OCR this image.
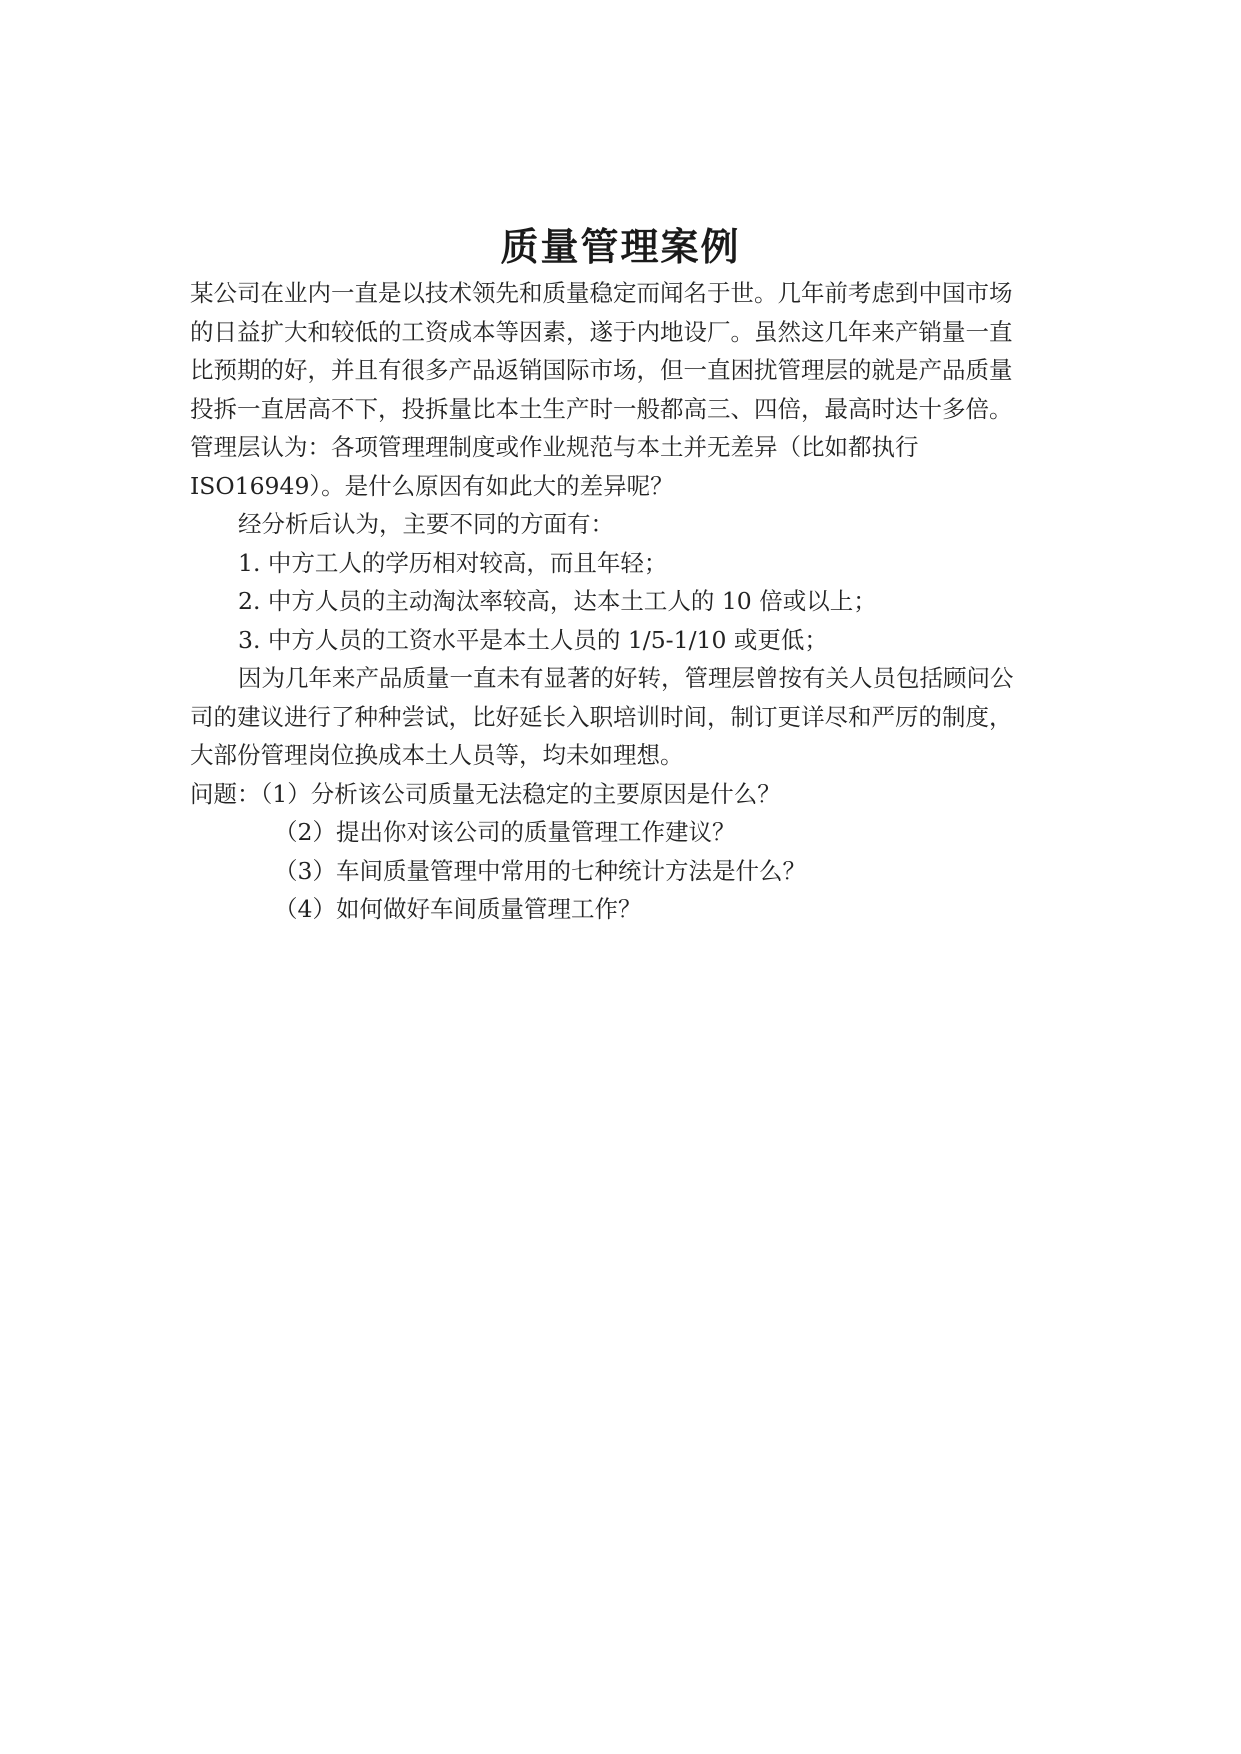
质量管理案例
某公司在业内一直是以技术领先和质量稳定而闻名于世。几年前考虑到中国市场
的日益扩大和较低的工资成本等因素，遂于内地设厂。虽然这几年来产销量一直
比预期的好，并且有很多产品返销国际市场，但一直困扰管理层的就是产品质量
投拆一直居高不下，投拆量比本土生产时一般都高三、四倍，最高时达十多倍。
管理层认为：各项管理理制度或作业规范与本土并无差异（比如都执行
ISO16949）。是什么原因有如此大的差异呢？
经分析后认为，主要不同的方面有：
1. 中方工人的学历相对较高，而且年轻；
2. 中方人员的主动淘汰率较高，达本土工人的 10 倍或以上；
3. 中方人员的工资水平是本土人员的 1/5-1/10 或更低；
因为几年来产品质量一直未有显著的好转，管理层曾按有关人员包括顾问公
司的建议进行了种种尝试，比好延长入职培训时间，制订更详尽和严厉的制度，
大部份管理岗位换成本土人员等，均未如理想。
问题：（1）分析该公司质量无法稳定的主要原因是什么？
（2）提出你对该公司的质量管理工作建议？
（3）车间质量管理中常用的七种统计方法是什么？
（4）如何做好车间质量管理工作？
